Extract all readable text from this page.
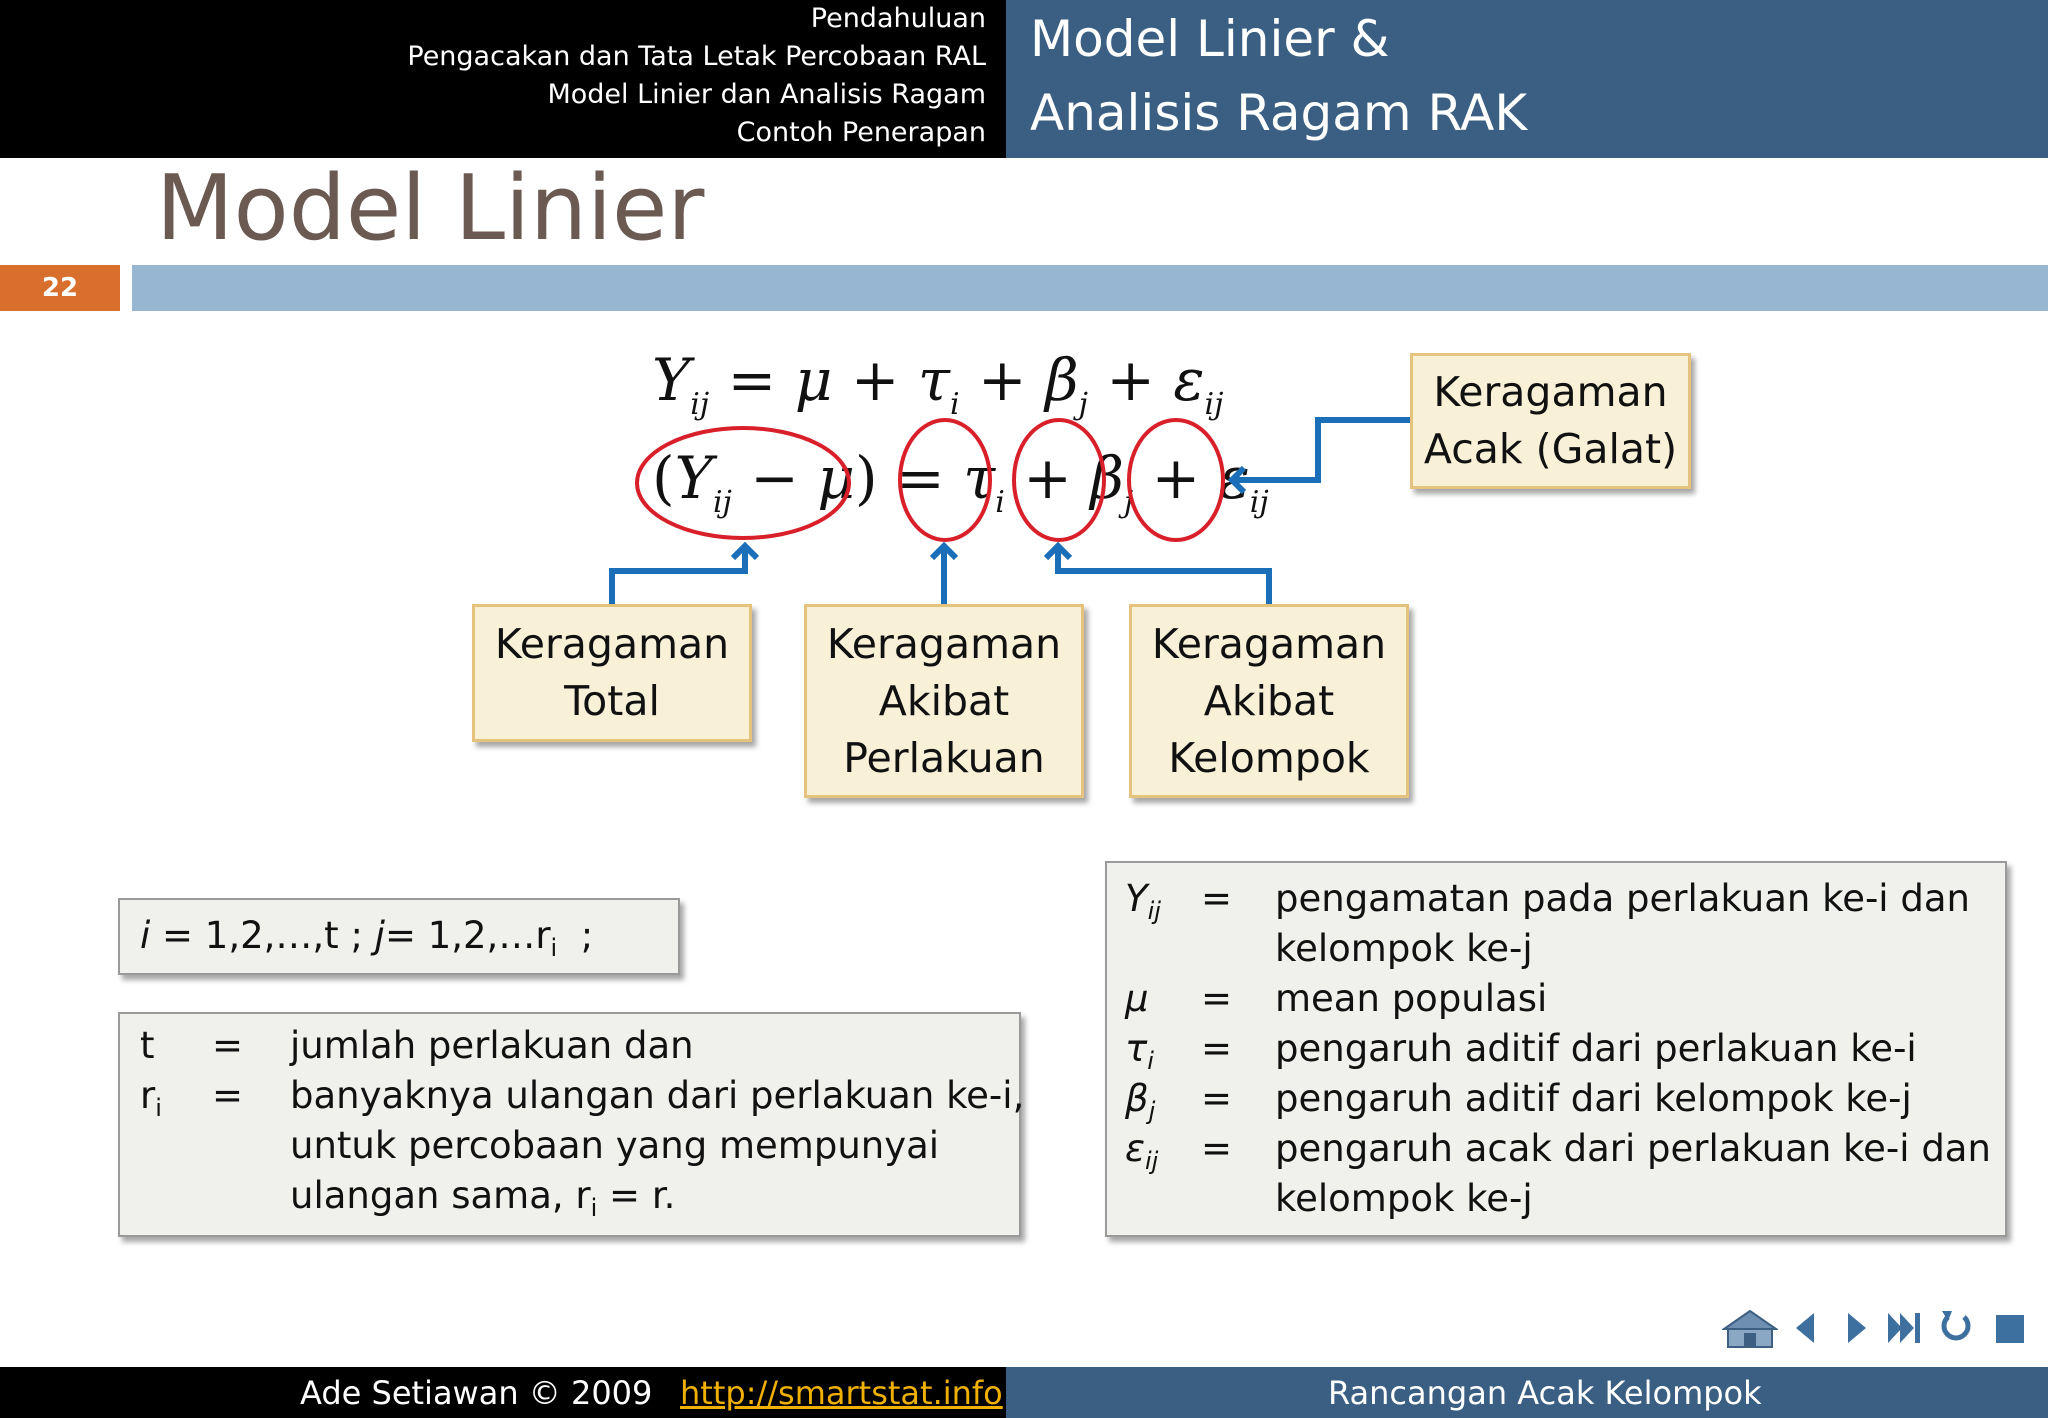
Pendahuluan
Pengacakan dan Tata Letak Percobaan RAL
Model Linier dan Analisis Ragam
Contoh Penerapan
Model Linier &
Analisis Ragam RAK
Model Linier
22
$Y_{ij} = \mu + \tau_i + \beta_j + \varepsilon_{ij}$
$(Y_{ij} - \mu) = \tau_i + \beta_j + \varepsilon_{ij}$
Keragaman
Acak (Galat)
Keragaman
Total
Keragaman
Akibat
Perlakuan
Keragaman
Akibat
Kelompok
i = 1,2,…,t ; $j= 1,2,\dots r_i$  ;
t = jumlah perlakuan dan
$r_i$ = banyaknya ulangan dari perlakuan ke-i,
untuk percobaan yang mempunyai
ulangan sama, $r_i = r$.
$Y_{ij}$ = pengamatan pada perlakuan ke-i dan
kelompok ke-j
μ = mean populasi
$\tau_i$ = pengaruh aditif dari perlakuan ke-i
$\beta_j$ = pengaruh aditif dari kelompok ke-j
$\varepsilon_{ij}$ = pengaruh acak dari perlakuan ke-i dan
kelompok ke-j
Ade Setiawan © 2009 http://smartstat.info	Rancangan Acak Kelompok
